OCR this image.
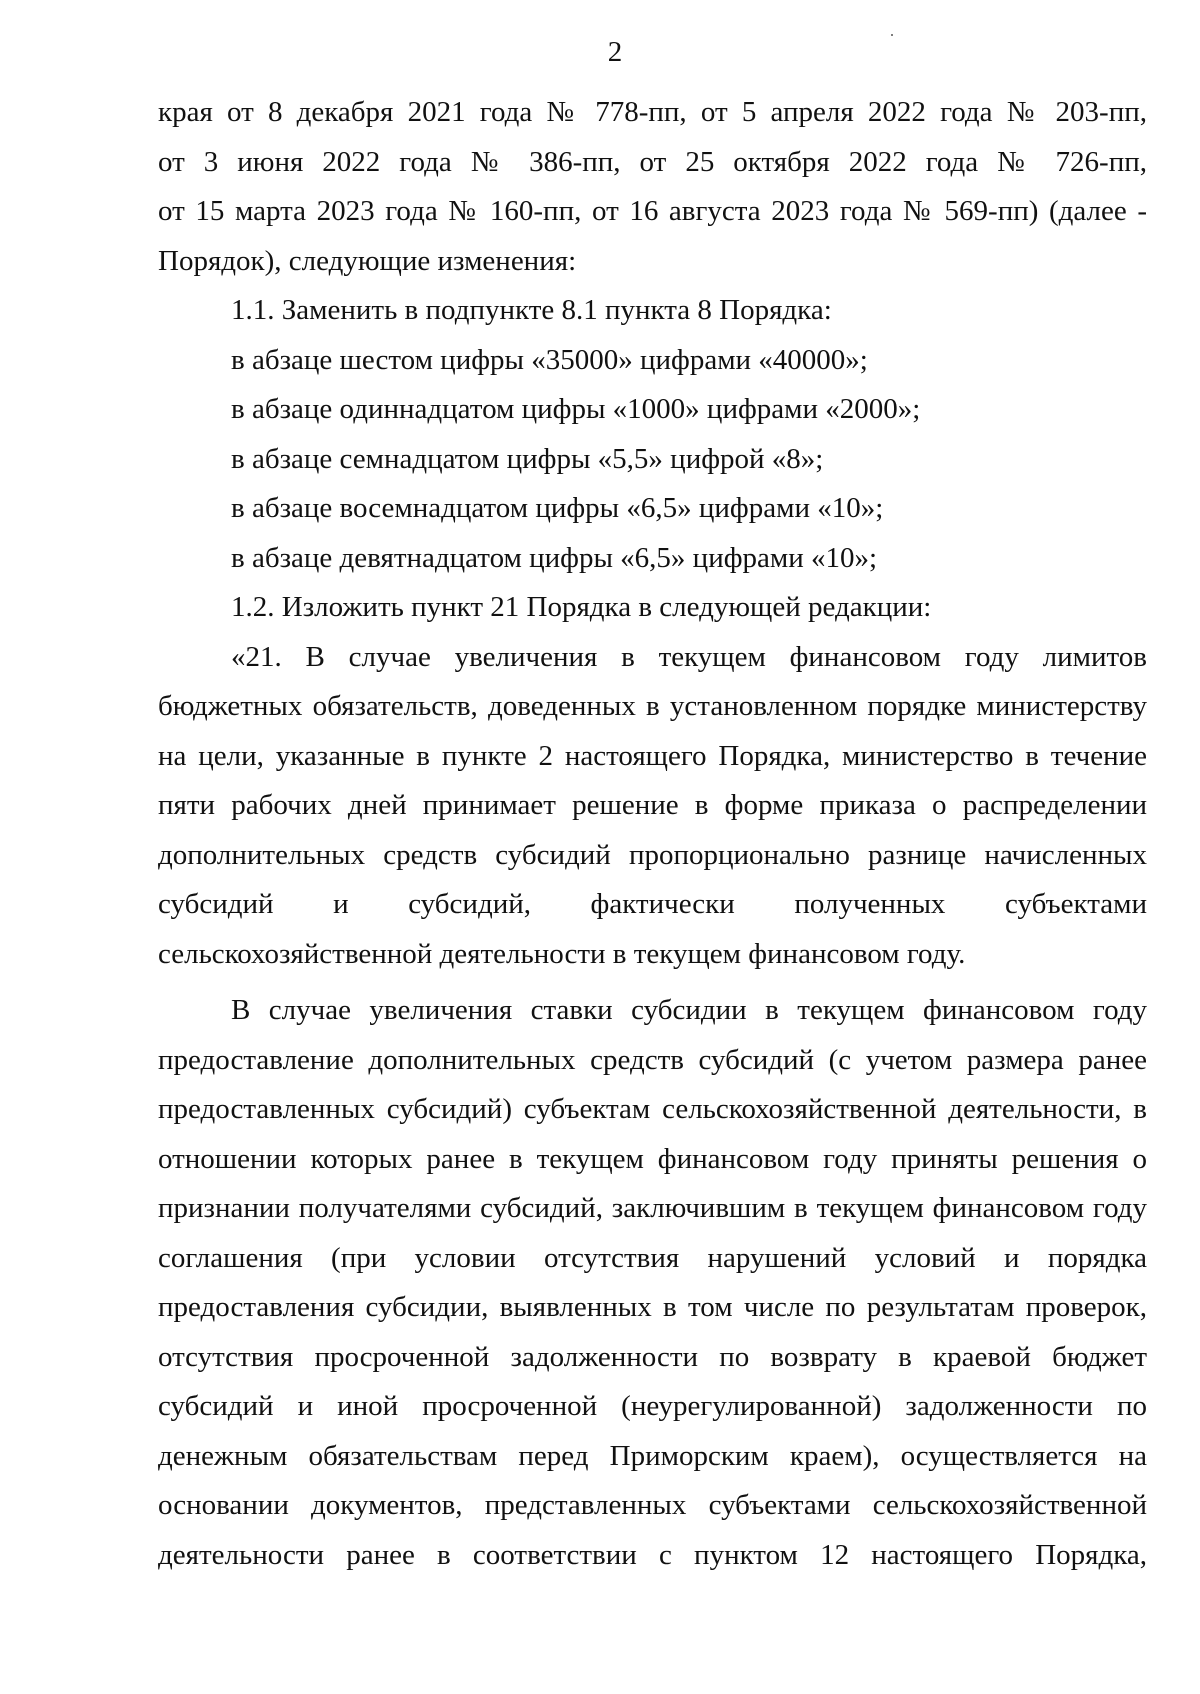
2
края от 8 декабря 2021 года № 778-пп, от 5 апреля 2022 года № 203-пп,
от 3 июня 2022 года № 386-пп, от 25 октября 2022 года № 726-пп,
от 15 марта 2023 года № 160-пп, от 16 августа 2023 года № 569-пп) (далее -
Порядок), следующие изменения:
1.1. Заменить в подпункте 8.1 пункта 8 Порядка:
в абзаце шестом цифры «35000» цифрами «40000»;
в абзаце одиннадцатом цифры «1000» цифрами «2000»;
в абзаце семнадцатом цифры «5,5» цифрой «8»;
в абзаце восемнадцатом цифры «6,5» цифрами «10»;
в абзаце девятнадцатом цифры «6,5» цифрами «10»;
1.2. Изложить пункт 21 Порядка в следующей редакции:
«21. В случае увеличения в текущем финансовом году лимитов
бюджетных обязательств, доведенных в установленном порядке министерству
на цели, указанные в пункте 2 настоящего Порядка, министерство в течение
пяти рабочих дней принимает решение в форме приказа о распределении
дополнительных средств субсидий пропорционально разнице начисленных
субсидий и субсидий, фактически полученных субъектами
сельскохозяйственной деятельности в текущем финансовом году.
В случае увеличения ставки субсидии в текущем финансовом году
предоставление дополнительных средств субсидий (с учетом размера ранее
предоставленных субсидий) субъектам сельскохозяйственной деятельности, в
отношении которых ранее в текущем финансовом году приняты решения о
признании получателями субсидий, заключившим в текущем финансовом году
соглашения (при условии отсутствия нарушений условий и порядка
предоставления субсидии, выявленных в том числе по результатам проверок,
отсутствия просроченной задолженности по возврату в краевой бюджет
субсидий и иной просроченной (неурегулированной) задолженности по
денежным обязательствам перед Приморским краем), осуществляется на
основании документов, представленных субъектами сельскохозяйственной
деятельности ранее в соответствии с пунктом 12 настоящего Порядка,
